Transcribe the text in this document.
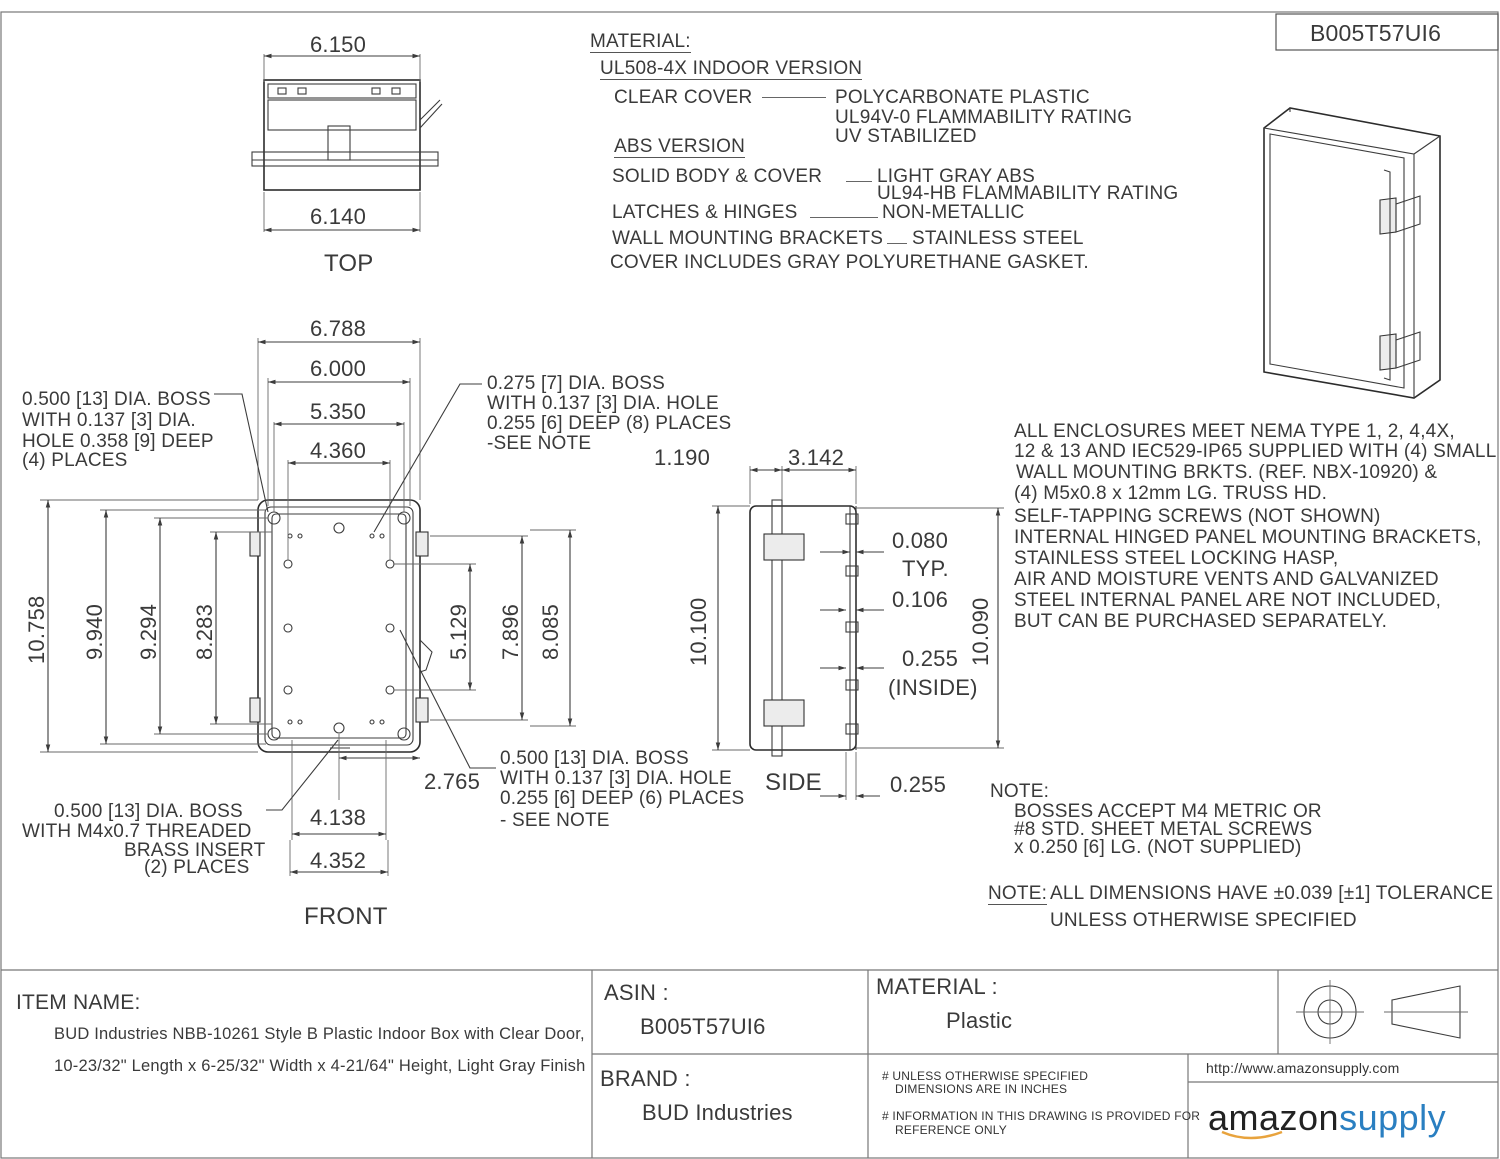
B005T57UI6
6.150
6.140
TOP
MATERIAL:
UL508-4X INDOOR VERSION
CLEAR COVER	POLYCARBONATE PLASTIC
UL94V-0 FLAMMABILITY RATING
UV STABILIZED
ABS VERSION
SOLID BODY & COVER	LIGHT GRAY ABS
UL94-HB FLAMMABILITY RATING
LATCHES & HINGES	NON-METALLIC
WALL MOUNTING BRACKETS STAINLESS STEEL
COVER INCLUDES GRAY POLYURETHANE GASKET.
6.788
6.000
5.350
4.360
10.758 9.940 9.294 8.283	5.129 7.896 8.085
2.765
4.138
4.352
FRONT
0.500 [13] DIA. BOSS
WITH 0.137 [3] DIA.
HOLE 0.358 [9] DEEP
(4) PLACES
0.275 [7] DIA. BOSS
WITH 0.137 [3] DIA. HOLE
0.255 [6] DEEP (8) PLACES
-SEE NOTE
0.500 [13] DIA. BOSS
WITH 0.137 [3] DIA. HOLE
0.255 [6] DEEP (6) PLACES
- SEE NOTE
0.500 [13] DIA. BOSS
WITH M4x0.7 THREADED
BRASS INSERT
(2) PLACES
1.190	3.142
0.080
TYP.
0.106
0.255
(INSIDE)
0.255
10.100	10.090
SIDE
ALL ENCLOSURES MEET NEMA TYPE 1, 2, 4,4X,
12 & 13 AND IEC529-IP65 SUPPLIED WITH (4) SMALL
WALL MOUNTING BRKTS. (REF. NBX-10920) &
(4) M5x0.8 x 12mm LG. TRUSS HD.
SELF-TAPPING SCREWS (NOT SHOWN)
INTERNAL HINGED PANEL MOUNTING BRACKETS,
STAINLESS STEEL LOCKING HASP,
AIR AND MOISTURE VENTS AND GALVANIZED
STEEL INTERNAL PANEL ARE NOT INCLUDED,
BUT CAN BE PURCHASED SEPARATELY.
NOTE:
BOSSES ACCEPT M4 METRIC OR
#8 STD. SHEET METAL SCREWS
x 0.250 [6] LG. (NOT SUPPLIED)
NOTE: ALL DIMENSIONS HAVE ±0.039 [±1] TOLERANCE
UNLESS OTHERWISE SPECIFIED
ITEM NAME:
BUD Industries NBB-10261 Style B Plastic Indoor Box with Clear Door,
10-23/32" Length x 6-25/32" Width x 4-21/64" Height, Light Gray Finish
ASIN :
B005T57UI6
BRAND :
BUD Industries
MATERIAL :
Plastic
# UNLESS OTHERWISE SPECIFIED
DIMENSIONS ARE IN INCHES
# INFORMATION IN THIS DRAWING IS PROVIDED FOR
REFERENCE ONLY
http://www.amazonsupply.com
amazonsupply
